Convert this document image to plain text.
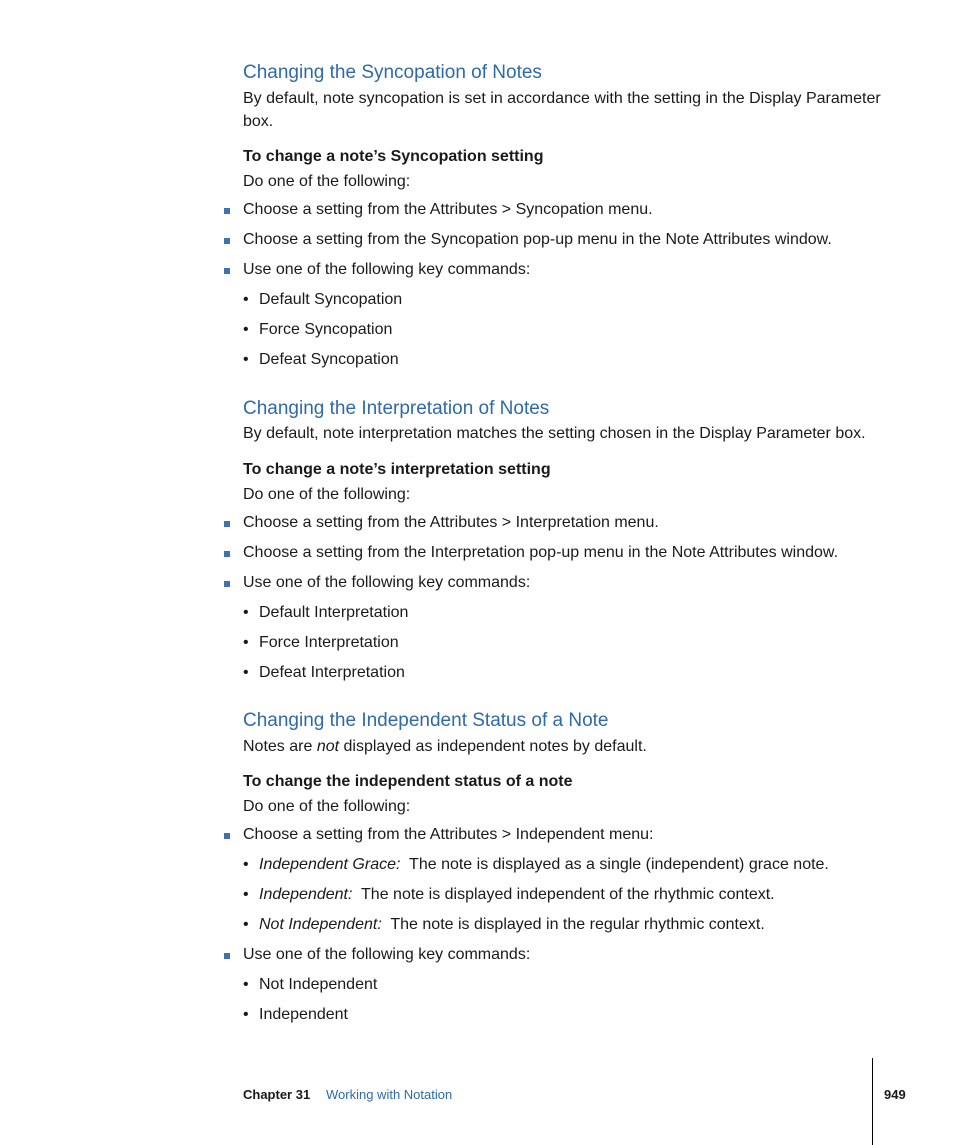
Changing the Syncopation of Notes
By default, note syncopation is set in accordance with the setting in the Display Parameter
box.
To change a note’s Syncopation setting
Do one of the following:
Choose a setting from the Attributes > Syncopation menu.
Choose a setting from the Syncopation pop-up menu in the Note Attributes window.
Use one of the following key commands:
• Default Syncopation
• Force Syncopation
• Defeat Syncopation
Changing the Interpretation of Notes
By default, note interpretation matches the setting chosen in the Display Parameter box.
To change a note’s interpretation setting
Do one of the following:
Choose a setting from the Attributes > Interpretation menu.
Choose a setting from the Interpretation pop-up menu in the Note Attributes window.
Use one of the following key commands:
• Default Interpretation
• Force Interpretation
• Defeat Interpretation
Changing the Independent Status of a Note
Notes are not displayed as independent notes by default.
To change the independent status of a note
Do one of the following:
Choose a setting from the Attributes > Independent menu:
• Independent Grace: The note is displayed as a single (independent) grace note.
• Independent: The note is displayed independent of the rhythmic context.
• Not Independent: The note is displayed in the regular rhythmic context.
Use one of the following key commands:
• Not Independent
• Independent
Chapter 31 Working with Notation	949
